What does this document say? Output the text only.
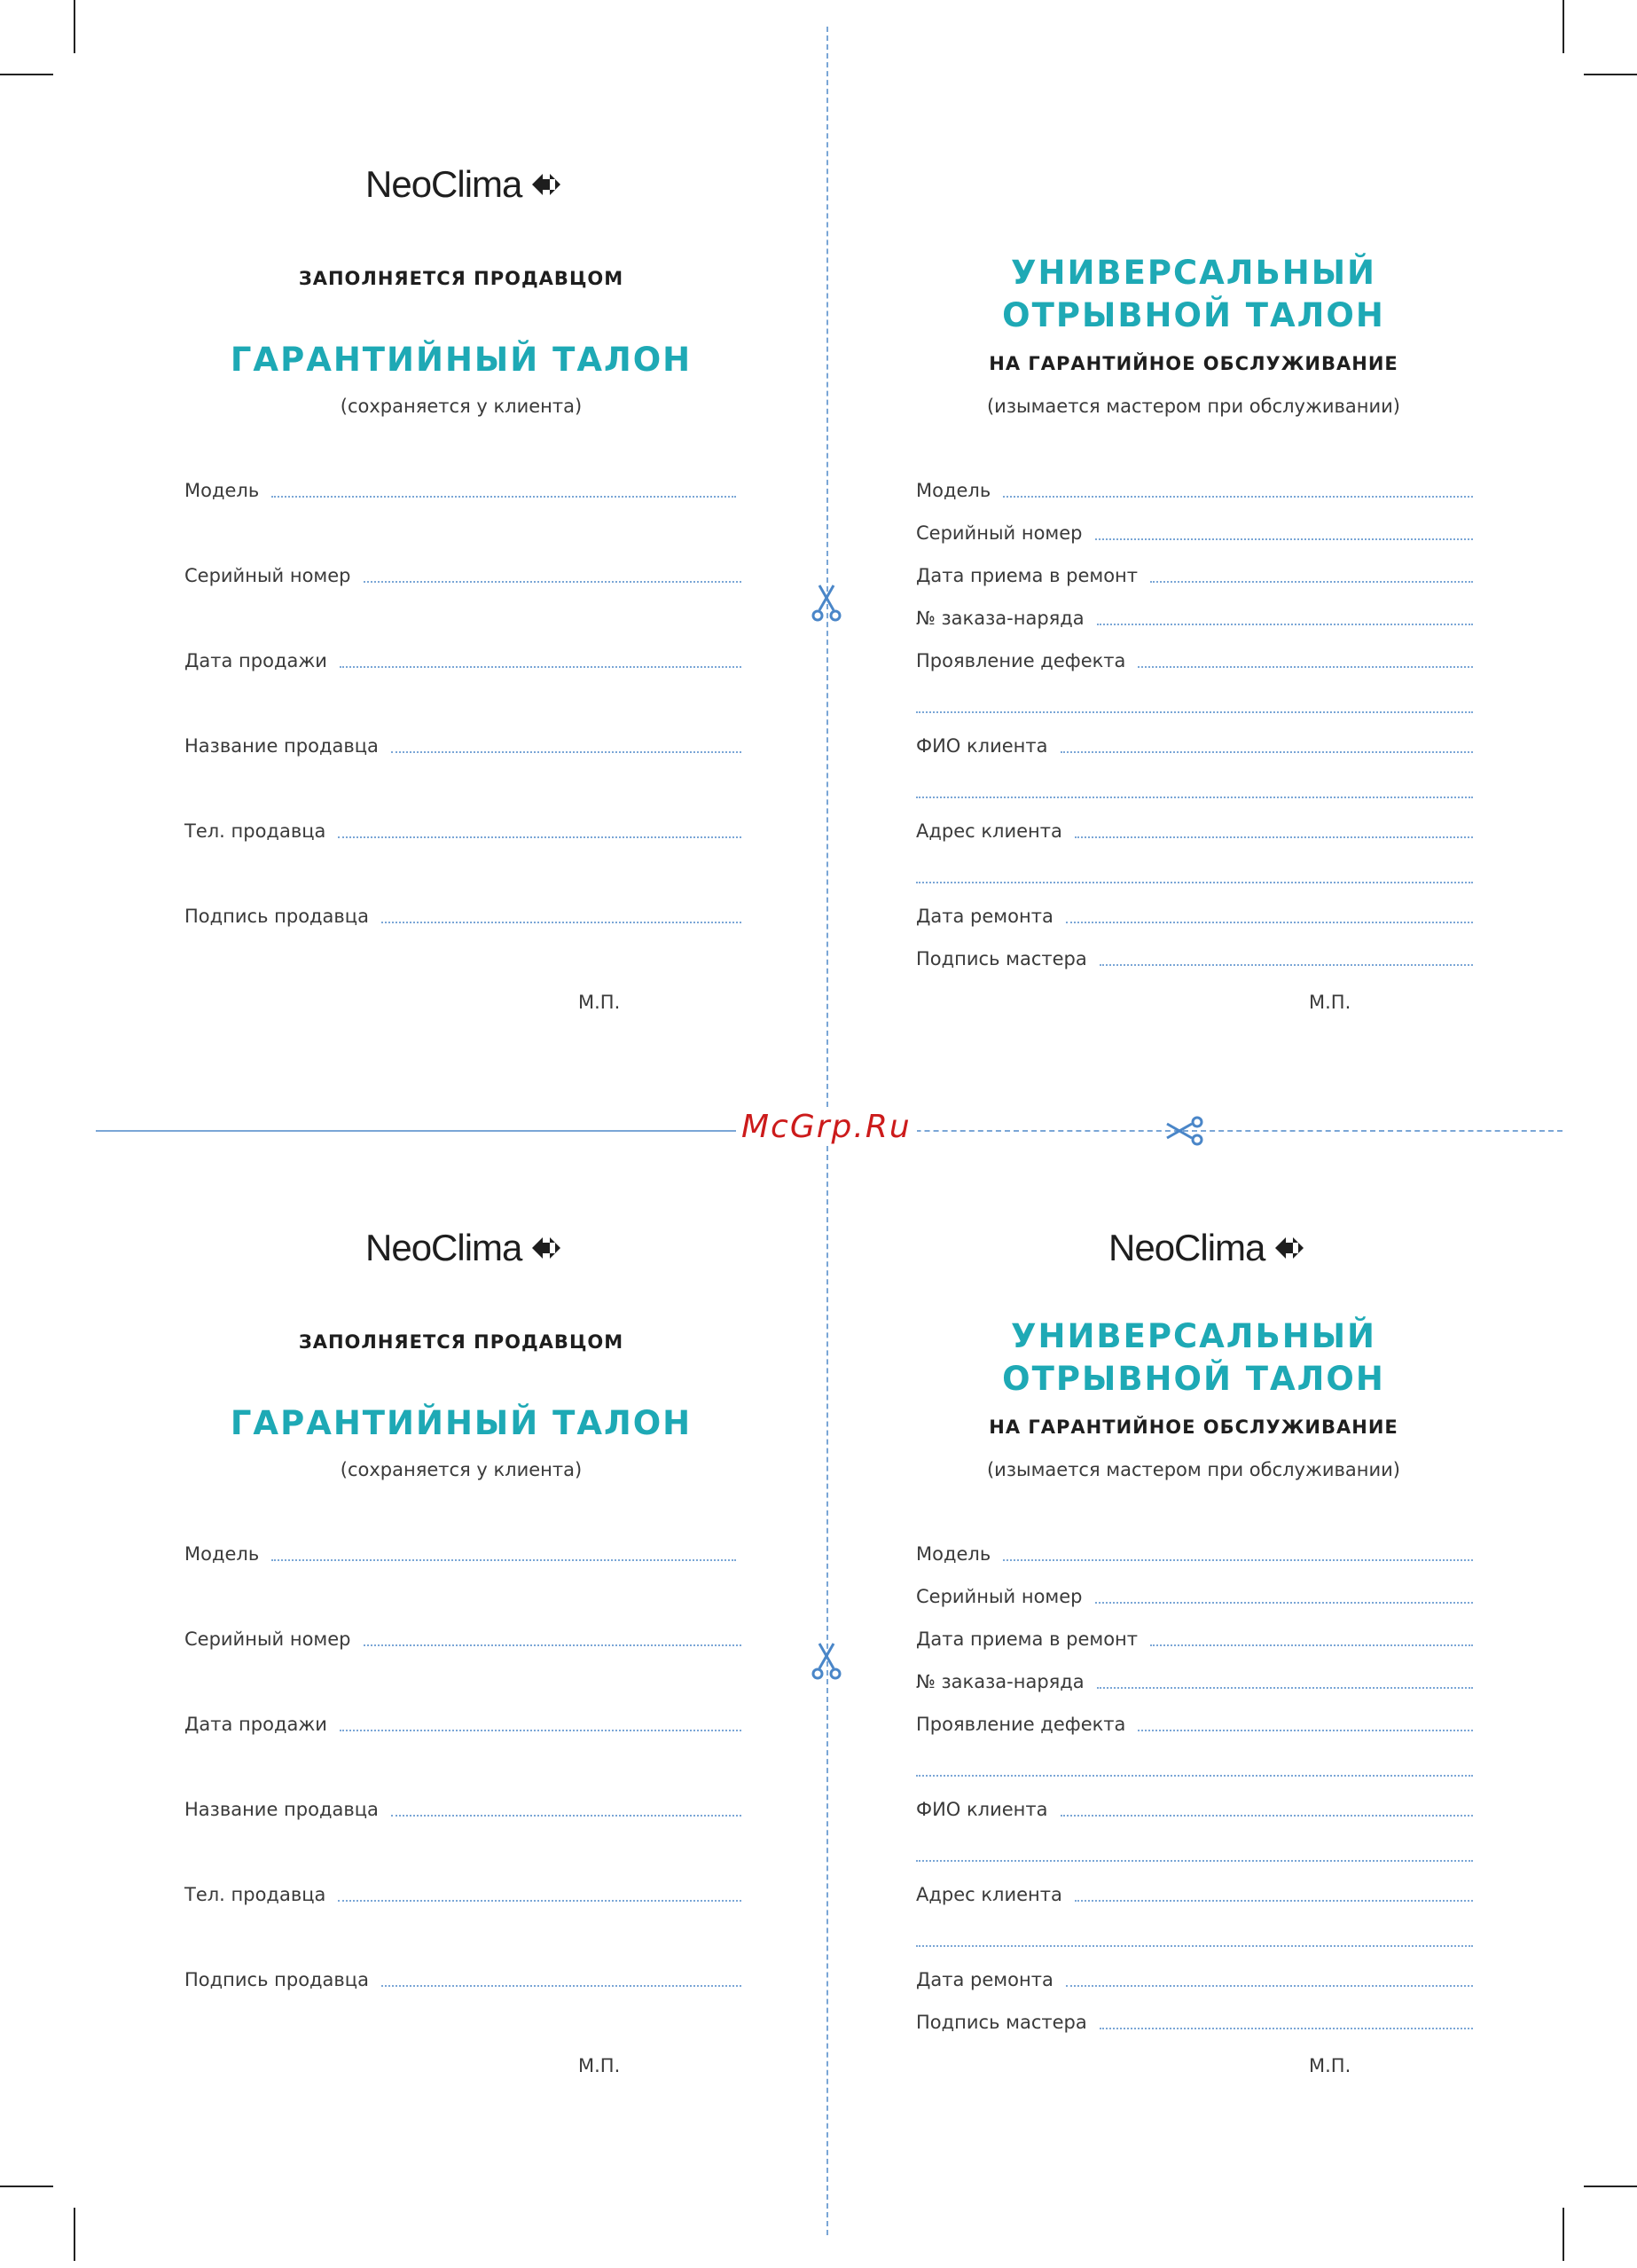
McGrp.Ru
NeoClima
ЗАПОЛНЯЕТСЯ ПРОДАВЦОМ
ГАРАНТИЙНЫЙ ТАЛОН
(сохраняется у клиента)
Модель
Серийный номер
Дата продажи
Название продавца
Тел. продавца
Подпись продавца
М.П.
УНИВЕРСАЛЬНЫЙ
ОТРЫВНОЙ ТАЛОН
НА ГАРАНТИЙНОЕ ОБСЛУЖИВАНИЕ
(изымается мастером при обслуживании)
Модель
Серийный номер
Дата приема в ремонт
№ заказа-наряда
Проявление дефекта
ФИО клиента
Адрес клиента
Дата ремонта
Подпись мастера
М.П.
NeoClima
ЗАПОЛНЯЕТСЯ ПРОДАВЦОМ
ГАРАНТИЙНЫЙ ТАЛОН
(сохраняется у клиента)
Модель
Серийный номер
Дата продажи
Название продавца
Тел. продавца
Подпись продавца
М.П.
NeoClima
УНИВЕРСАЛЬНЫЙ
ОТРЫВНОЙ ТАЛОН
НА ГАРАНТИЙНОЕ ОБСЛУЖИВАНИЕ
(изымается мастером при обслуживании)
Модель
Серийный номер
Дата приема в ремонт
№ заказа-наряда
Проявление дефекта
ФИО клиента
Адрес клиента
Дата ремонта
Подпись мастера
М.П.
